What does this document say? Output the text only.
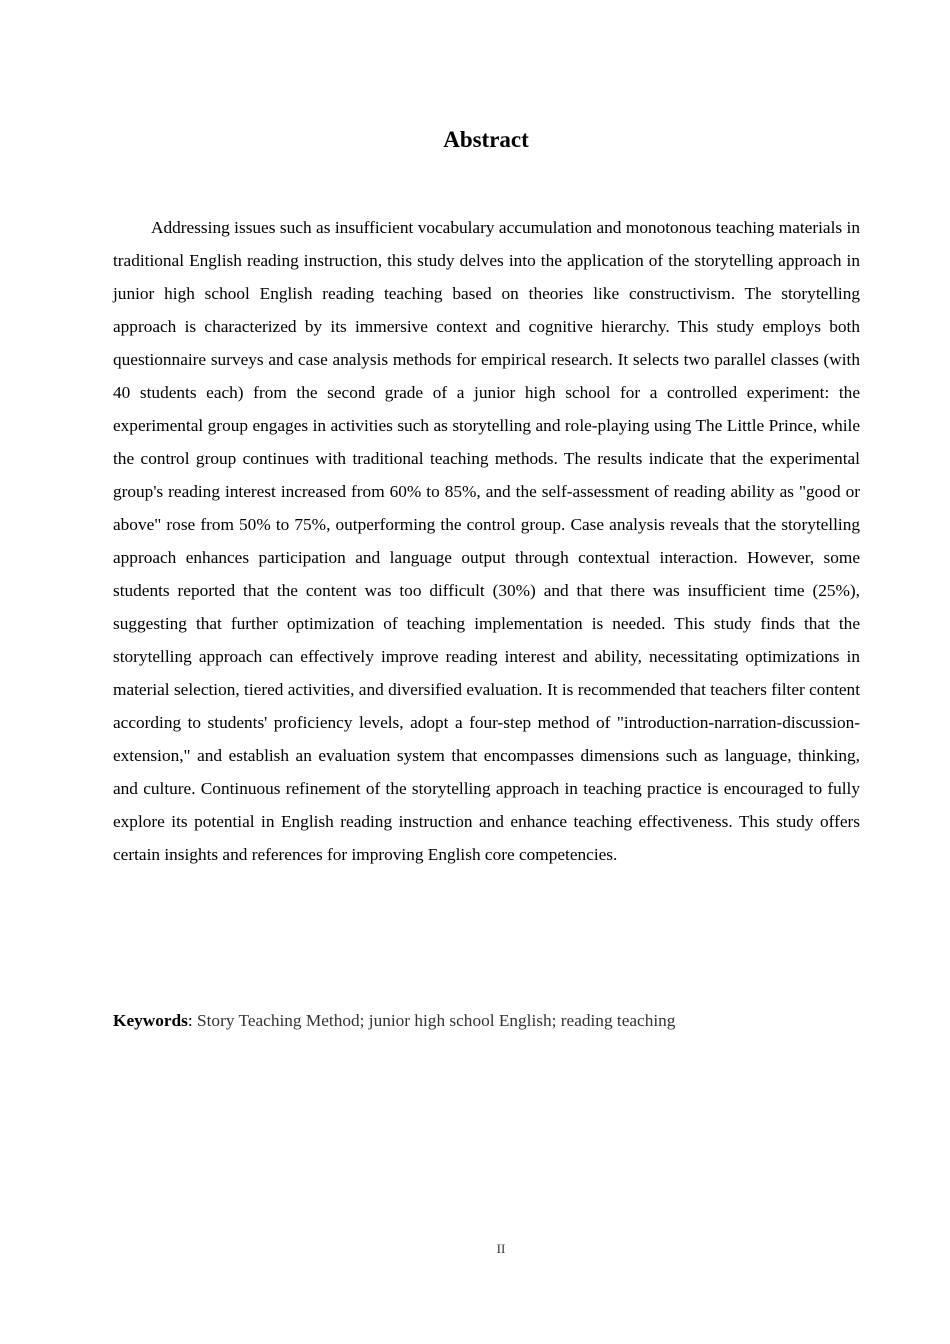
Abstract

Addressing issues such as insufficient vocabulary accumulation and monotonous teaching materials in traditional English reading instruction, this study delves into the application of the storytelling approach in junior high school English reading teaching based on theories like constructivism. The storytelling approach is characterized by its immersive context and cognitive hierarchy. This study employs both questionnaire surveys and case analysis methods for empirical research. It selects two parallel classes (with 40 students each) from the second grade of a junior high school for a controlled experiment: the experimental group engages in activities such as storytelling and role-playing using The Little Prince, while the control group continues with traditional teaching methods. The results indicate that the experimental group's reading interest increased from 60% to 85%, and the self-assessment of reading ability as "good or above" rose from 50% to 75%, outperforming the control group. Case analysis reveals that the storytelling approach enhances participation and language output through contextual interaction. However, some students reported that the content was too difficult (30%) and that there was insufficient time (25%), suggesting that further optimization of teaching implementation is needed. This study finds that the storytelling approach can effectively improve reading interest and ability, necessitating optimizations in material selection, tiered activities, and diversified evaluation. It is recommended that teachers filter content according to students' proficiency levels, adopt a four-step method of "introduction-narration-discussion-extension," and establish an evaluation system that encompasses dimensions such as language, thinking, and culture. Continuous refinement of the storytelling approach in teaching practice is encouraged to fully explore its potential in English reading instruction and enhance teaching effectiveness. This study offers certain insights and references for improving English core competencies.

Keywords: Story Teaching Method; junior high school English; reading teaching

II
